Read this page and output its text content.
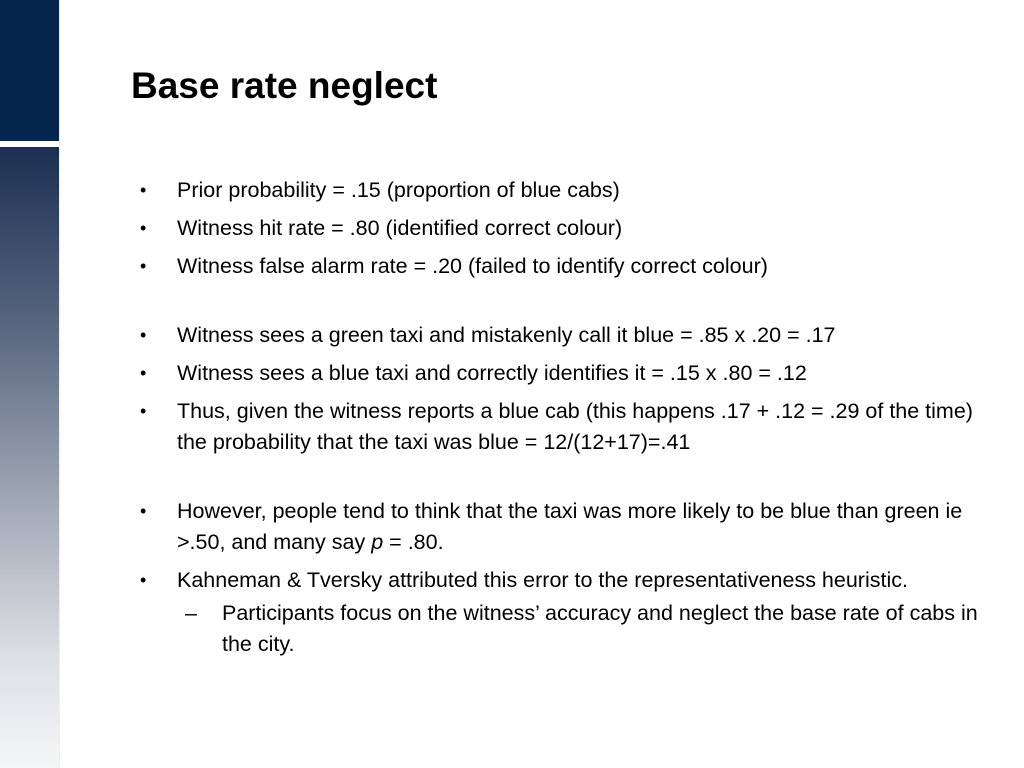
Base rate neglect
•	Prior probability = .15 (proportion of blue cabs)
•	Witness hit rate = .80 (identified correct colour)
•	Witness false alarm rate = .20 (failed to identify correct colour)
•	Witness sees a green taxi and mistakenly call it blue = .85 x .20 = .17
•	Witness sees a blue taxi and correctly identifies it = .15 x .80 = .12
•	Thus, given the witness reports a blue cab (this happens .17 + .12 = .29 of the time) the probability that the taxi was blue = 12/(12+17)=.41
•	However, people tend to think that the taxi was more likely to be blue than green ie >.50, and many say p = .80.
•	Kahneman & Tversky attributed this error to the representativeness heuristic.
–	Participants focus on the witness’ accuracy and neglect the base rate of cabs in the city.
